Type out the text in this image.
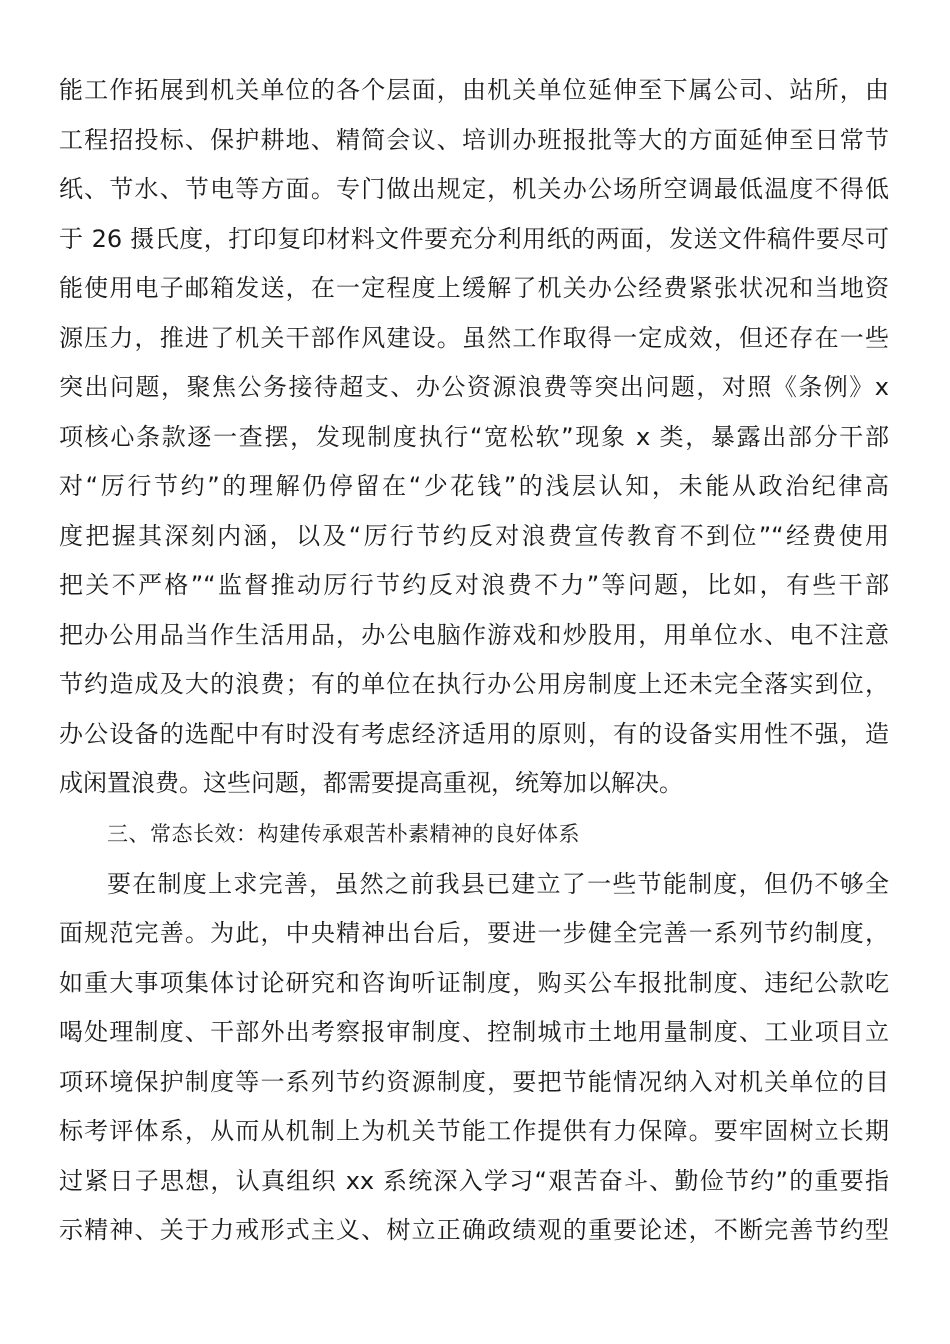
能工作拓展到机关单位的各个层面，由机关单位延伸至下属公司、站所，由

工程招投标、保护耕地、精简会议、培训办班报批等大的方面延伸至日常节

纸、节水、节电等方面。专门做出规定，机关办公场所空调最低温度不得低

于 26 摄氏度，打印复印材料文件要充分利用纸的两面，发送文件稿件要尽可

能使用电子邮箱发送，在一定程度上缓解了机关办公经费紧张状况和当地资

源压力，推进了机关干部作风建设。虽然工作取得一定成效，但还存在一些

突出问题，聚焦公务接待超支、办公资源浪费等突出问题，对照《条例》x

项核心条款逐一查摆，发现制度执行“宽松软”现象 x 类，暴露出部分干部

对“厉行节约”的理解仍停留在“少花钱”的浅层认知，未能从政治纪律高

度把握其深刻内涵，以及“厉行节约反对浪费宣传教育不到位”“经费使用

把关不严格”“监督推动厉行节约反对浪费不力”等问题，比如，有些干部

把办公用品当作生活用品，办公电脑作游戏和炒股用，用单位水、电不注意

节约造成及大的浪费；有的单位在执行办公用房制度上还未完全落实到位，

办公设备的选配中有时没有考虑经济适用的原则，有的设备实用性不强，造

成闲置浪费。这些问题，都需要提高重视，统筹加以解决。

三、常态长效：构建传承艰苦朴素精神的良好体系

要在制度上求完善，虽然之前我县已建立了一些节能制度，但仍不够全

面规范完善。为此，中央精神出台后，要进一步健全完善一系列节约制度，

如重大事项集体讨论研究和咨询听证制度，购买公车报批制度、违纪公款吃

喝处理制度、干部外出考察报审制度、控制城市土地用量制度、工业项目立

项环境保护制度等一系列节约资源制度，要把节能情况纳入对机关单位的目

标考评体系，从而从机制上为机关节能工作提供有力保障。要牢固树立长期

过紧日子思想，认真组织 xx 系统深入学习“艰苦奋斗、勤俭节约”的重要指

示精神、关于力戒形式主义、树立正确政绩观的重要论述，不断完善节约型
